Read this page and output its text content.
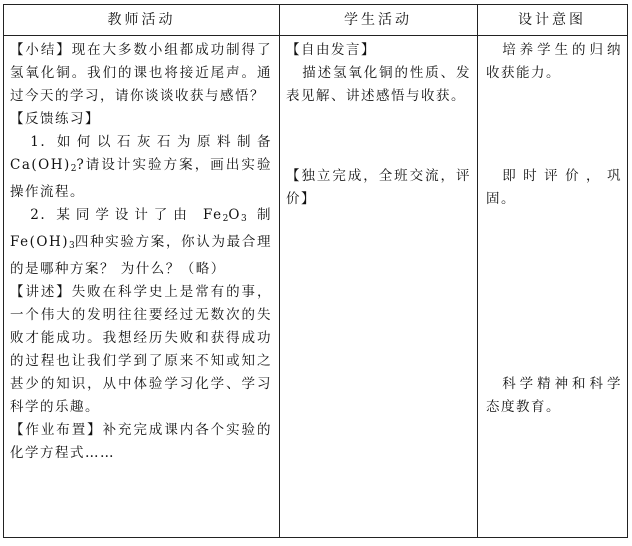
教师活动	学生活动	设计意图

【小结】现在大多数小组都成功制得了氢氧化铜。我们的课也将接近尾声。通过今天的学习，请你谈谈收获与感悟？

【反馈练习】

1. 如何以石灰石为原料制备$Ca(OH)_2$?请设计实验方案，画出实验操作流程。

2. 某同学设计了由 $Fe_2O_3$ 制$Fe(OH)_3$四种实验方案，你认为最合理的是哪种方案？ 为什么？（略）

【讲述】失败在科学史上是常有的事，一个伟大的发明往往要经过无数次的失败才能成功。我想经历失败和获得成功的过程也让我们学到了原来不知或知之甚少的知识，从中体验学习化学、学习科学的乐趣。

【作业布置】补充完成课内各个实验的化学方程式……

【自由发言】

描述氢氧化铜的性质、发表见解、讲述感悟与收获。

【独立完成，全班交流，评价】

培养学生的归纳收获能力。

即时评价，巩固。

科学精神和科学态度教育。
